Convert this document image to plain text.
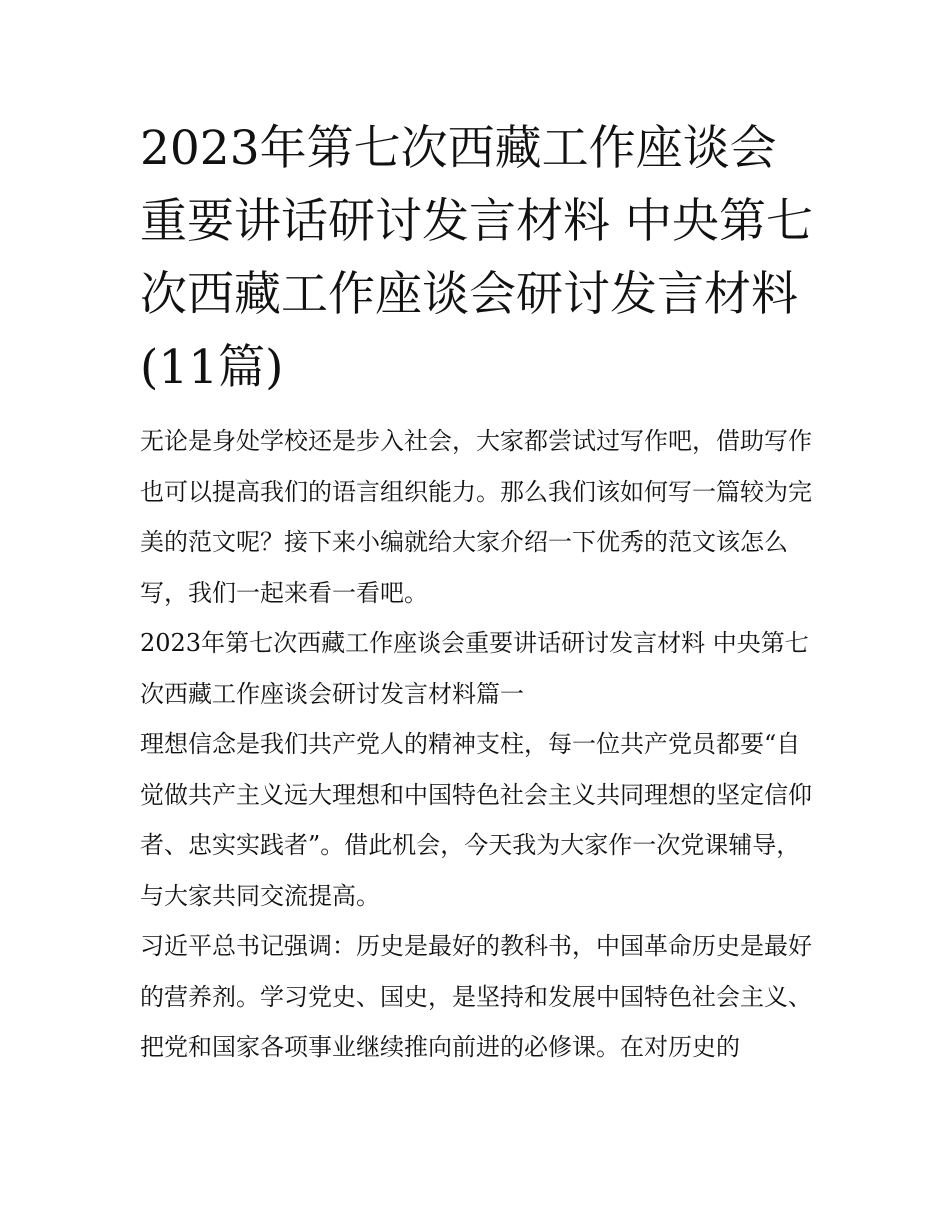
2023年第七次西藏工作座谈会重要讲话研讨发言材料 中央第七次西藏工作座谈会研讨发言材料(11篇)

无论是身处学校还是步入社会，大家都尝试过写作吧，借助写作也可以提高我们的语言组织能力。那么我们该如何写一篇较为完美的范文呢？接下来小编就给大家介绍一下优秀的范文该怎么写，我们一起来看一看吧。

2023年第七次西藏工作座谈会重要讲话研讨发言材料 中央第七次西藏工作座谈会研讨发言材料篇一

理想信念是我们共产党人的精神支柱，每一位共产党员都要“自觉做共产主义远大理想和中国特色社会主义共同理想的坚定信仰者、忠实实践者”。借此机会，今天我为大家作一次党课辅导，与大家共同交流提高。

习近平总书记强调：历史是最好的教科书，中国革命历史是最好的营养剂。学习党史、国史，是坚持和发展中国特色社会主义、把党和国家各项事业继续推向前进的必修课。在对历史的
